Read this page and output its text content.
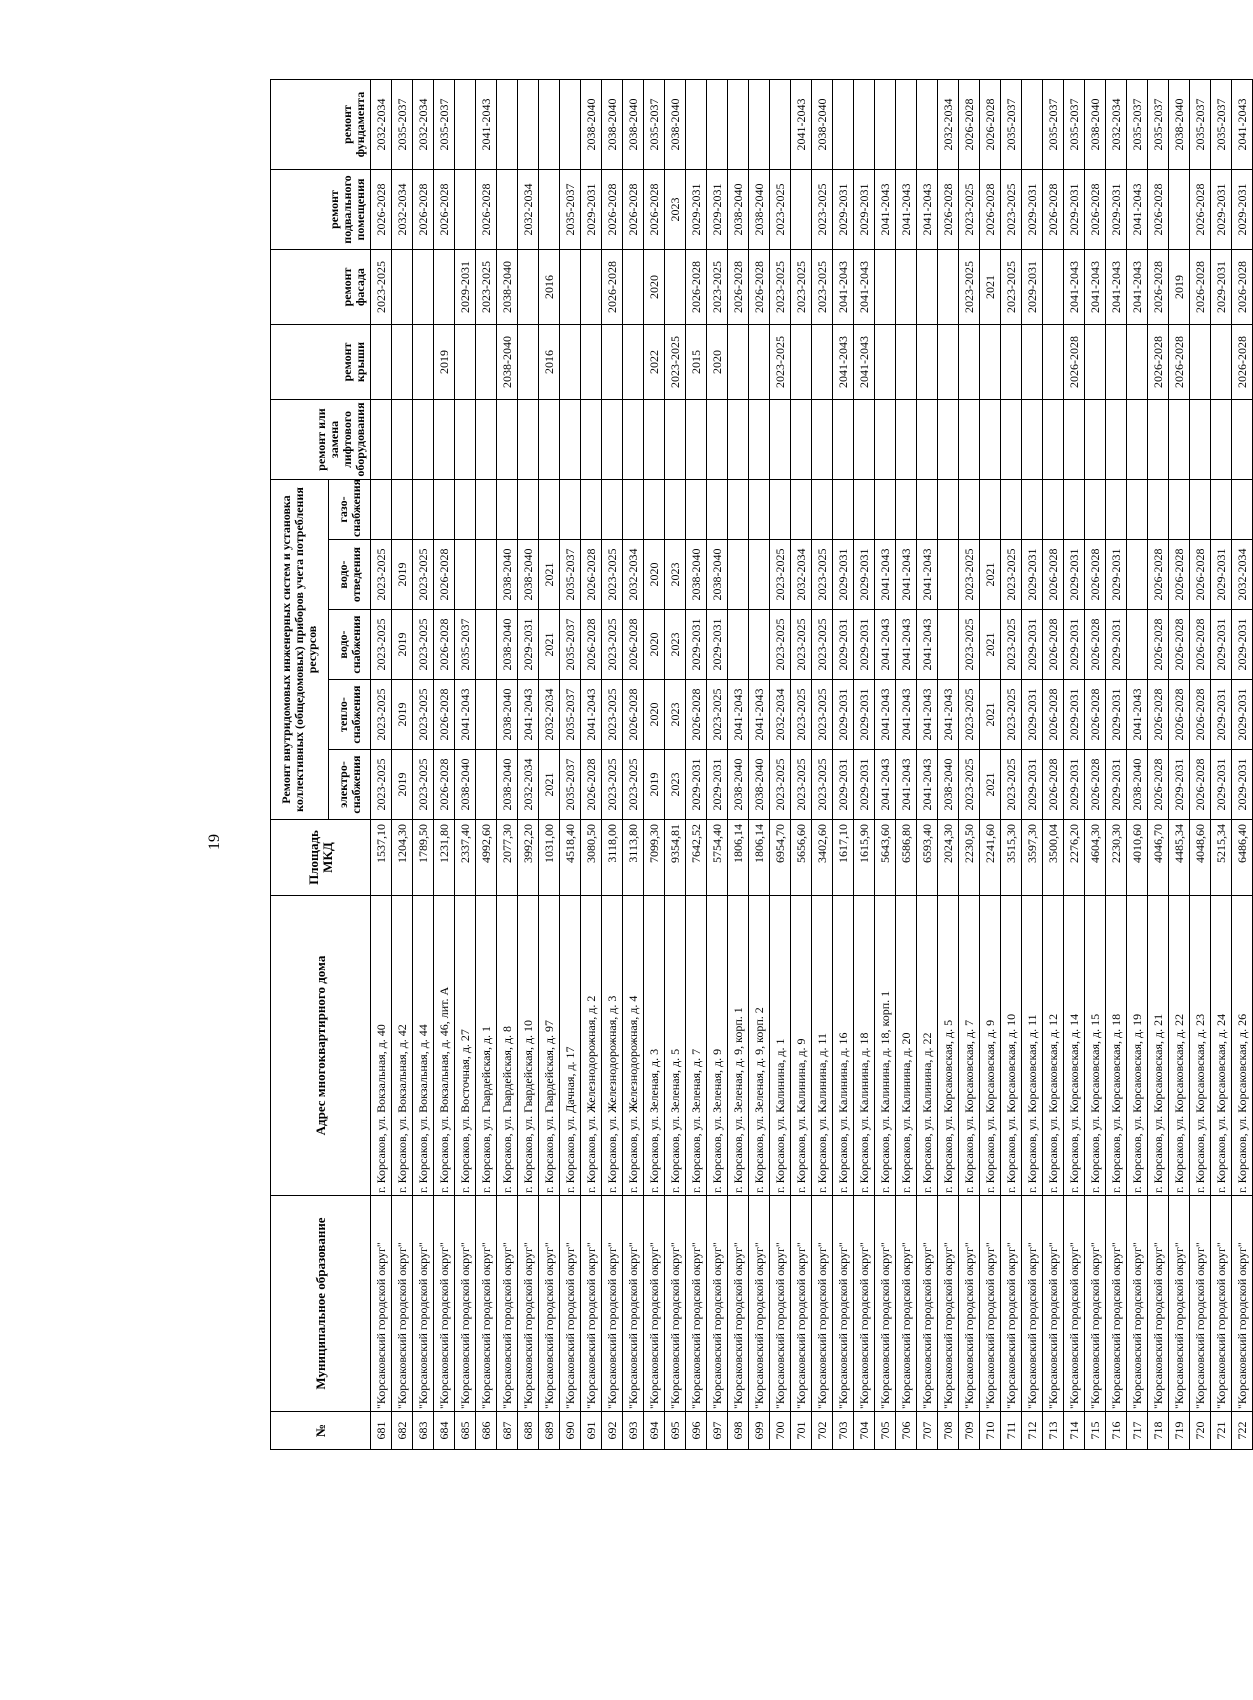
19
№	Муниципальное образование	Адрес многоквартирного дома	Площадь МКД	Ремонт внутридомовых инженерных систем и установка коллективных (общедомовых) приборов учета потребления ресурсов					ремонт или замена лифтового оборудования	ремонт крыши	ремонт фасада	ремонт подвального помещения	ремонт фундамента
				электро-снабжения	тепло-снабжения	водо-снабжения	водо-отведения	газо-снабжения					
681	"Корсаковский городской округ"	г. Корсаков, ул. Вокзальная, д. 40	1537,10	2023-2025	2023-2025	2023-2025	2023-2025				2023-2025	2026-2028	2032-2034
682	"Корсаковский городской округ"	г. Корсаков, ул. Вокзальная, д. 42	1204,30	2019	2019	2019	2019					2032-2034	2035-2037
683	"Корсаковский городской округ"	г. Корсаков, ул. Вокзальная, д. 44	1789,50	2023-2025	2023-2025	2023-2025	2023-2025					2026-2028	2032-2034
684	"Корсаковский городской округ"	г. Корсаков, ул. Вокзальная, д. 46, лит. А	1231,80	2026-2028	2026-2028	2026-2028	2026-2028			2019		2026-2028	2035-2037
685	"Корсаковский городской округ"	г. Корсаков, ул. Восточная, д. 27	2337,40	2038-2040	2041-2043	2035-2037					2029-2031		
686	"Корсаковский городской округ"	г. Корсаков, ул. Гвардейская, д. 1	4992,60								2023-2025	2026-2028	2041-2043
687	"Корсаковский городской округ"	г. Корсаков, ул. Гвардейская, д. 8	2077,30	2038-2040	2038-2040	2038-2040	2038-2040			2038-2040	2038-2040		
688	"Корсаковский городской округ"	г. Корсаков, ул. Гвардейская, д. 10	3992,20	2032-2034	2041-2043	2029-2031	2038-2040					2032-2034	
689	"Корсаковский городской округ"	г. Корсаков, ул. Гвардейская, д. 97	1031,00	2021	2032-2034	2021	2021			2016	2016		
690	"Корсаковский городской округ"	г. Корсаков, ул. Дачная, д. 17	4518,40	2035-2037	2035-2037	2035-2037	2035-2037					2035-2037	
691	"Корсаковский городской округ"	г. Корсаков, ул. Железнодорожная, д. 2	3080,50	2026-2028	2041-2043	2026-2028	2026-2028					2029-2031	2038-2040
692	"Корсаковский городской округ"	г. Корсаков, ул. Железнодорожная, д. 3	3118,00	2023-2025	2023-2025	2023-2025	2023-2025				2026-2028	2026-2028	2038-2040
693	"Корсаковский городской округ"	г. Корсаков, ул. Железнодорожная, д. 4	3113,80	2023-2025	2026-2028	2026-2028	2032-2034					2026-2028	2038-2040
694	"Корсаковский городской округ"	г. Корсаков, ул. Зеленая, д. 3	7099,30	2019	2020	2020	2020			2022	2020	2026-2028	2035-2037
695	"Корсаковский городской округ"	г. Корсаков, ул. Зеленая, д. 5	9354,81	2023	2023	2023	2023			2023-2025		2023	2038-2040
696	"Корсаковский городской округ"	г. Корсаков, ул. Зеленая, д. 7	7642,52	2029-2031	2026-2028	2029-2031	2038-2040			2015	2026-2028	2029-2031	
697	"Корсаковский городской округ"	г. Корсаков, ул. Зеленая, д. 9	5754,40	2029-2031	2023-2025	2029-2031	2038-2040			2020	2023-2025	2029-2031	
698	"Корсаковский городской округ"	г. Корсаков, ул. Зеленая, д. 9, корп. 1	1806,14	2038-2040	2041-2043						2026-2028	2038-2040	
699	"Корсаковский городской округ"	г. Корсаков, ул. Зеленая, д. 9, корп. 2	1806,14	2038-2040	2041-2043						2026-2028	2038-2040	
700	"Корсаковский городской округ"	г. Корсаков, ул. Калинина, д. 1	6954,70	2023-2025	2032-2034	2023-2025	2023-2025			2023-2025	2023-2025	2023-2025	
701	"Корсаковский городской округ"	г. Корсаков, ул. Калинина, д. 9	5656,60	2023-2025	2023-2025	2023-2025	2032-2034				2023-2025		2041-2043
702	"Корсаковский городской округ"	г. Корсаков, ул. Калинина, д. 11	3402,60	2023-2025	2023-2025	2023-2025	2023-2025				2023-2025	2023-2025	2038-2040
703	"Корсаковский городской округ"	г. Корсаков, ул. Калинина, д. 16	1617,10	2029-2031	2029-2031	2029-2031	2029-2031			2041-2043	2041-2043	2029-2031	
704	"Корсаковский городской округ"	г. Корсаков, ул. Калинина, д. 18	1615,90	2029-2031	2029-2031	2029-2031	2029-2031			2041-2043	2041-2043	2029-2031	
705	"Корсаковский городской округ"	г. Корсаков, ул. Калинина, д. 18, корп. 1	5643,60	2041-2043	2041-2043	2041-2043	2041-2043					2041-2043	
706	"Корсаковский городской округ"	г. Корсаков, ул. Калинина, д. 20	6586,80	2041-2043	2041-2043	2041-2043	2041-2043					2041-2043	
707	"Корсаковский городской округ"	г. Корсаков, ул. Калинина, д. 22	6593,40	2041-2043	2041-2043	2041-2043	2041-2043					2041-2043	
708	"Корсаковский городской округ"	г. Корсаков, ул. Корсаковская, д. 5	2024,30	2038-2040	2041-2043							2026-2028	2032-2034
709	"Корсаковский городской округ"	г. Корсаков, ул. Корсаковская, д. 7	2230,50	2023-2025	2023-2025	2023-2025	2023-2025				2023-2025	2023-2025	2026-2028
710	"Корсаковский городской округ"	г. Корсаков, ул. Корсаковская, д. 9	2241,60	2021	2021	2021	2021				2021	2026-2028	2026-2028
711	"Корсаковский городской округ"	г. Корсаков, ул. Корсаковская, д. 10	3515,30	2023-2025	2023-2025	2023-2025	2023-2025				2023-2025	2023-2025	2035-2037
712	"Корсаковский городской округ"	г. Корсаков, ул. Корсаковская, д. 11	3597,30	2029-2031	2029-2031	2029-2031	2029-2031				2029-2031	2029-2031	
713	"Корсаковский городской округ"	г. Корсаков, ул. Корсаковская, д. 12	3500,04	2026-2028	2026-2028	2026-2028	2026-2028					2026-2028	2035-2037
714	"Корсаковский городской округ"	г. Корсаков, ул. Корсаковская, д. 14	2276,20	2029-2031	2029-2031	2029-2031	2029-2031			2026-2028	2041-2043	2029-2031	2035-2037
715	"Корсаковский городской округ"	г. Корсаков, ул. Корсаковская, д. 15	4604,30	2026-2028	2026-2028	2026-2028	2026-2028				2041-2043	2026-2028	2038-2040
716	"Корсаковский городской округ"	г. Корсаков, ул. Корсаковская, д. 18	2230,30	2029-2031	2029-2031	2029-2031	2029-2031				2041-2043	2029-2031	2032-2034
717	"Корсаковский городской округ"	г. Корсаков, ул. Корсаковская, д. 19	4010,60	2038-2040	2041-2043						2041-2043	2041-2043	2035-2037
718	"Корсаковский городской округ"	г. Корсаков, ул. Корсаковская, д. 21	4046,70	2026-2028	2026-2028	2026-2028	2026-2028			2026-2028	2026-2028	2026-2028	2035-2037
719	"Корсаковский городской округ"	г. Корсаков, ул. Корсаковская, д. 22	4485,34	2029-2031	2026-2028	2026-2028	2026-2028			2026-2028	2019		2038-2040
720	"Корсаковский городской округ"	г. Корсаков, ул. Корсаковская, д. 23	4048,60	2026-2028	2026-2028	2026-2028	2026-2028				2026-2028	2026-2028	2035-2037
721	"Корсаковский городской округ"	г. Корсаков, ул. Корсаковская, д. 24	5215,34	2029-2031	2029-2031	2029-2031	2029-2031				2029-2031	2029-2031	2035-2037
722	"Корсаковский городской округ"	г. Корсаков, ул. Корсаковская, д. 26	6486,40	2029-2031	2029-2031	2029-2031	2032-2034			2026-2028	2026-2028	2029-2031	2041-2043
